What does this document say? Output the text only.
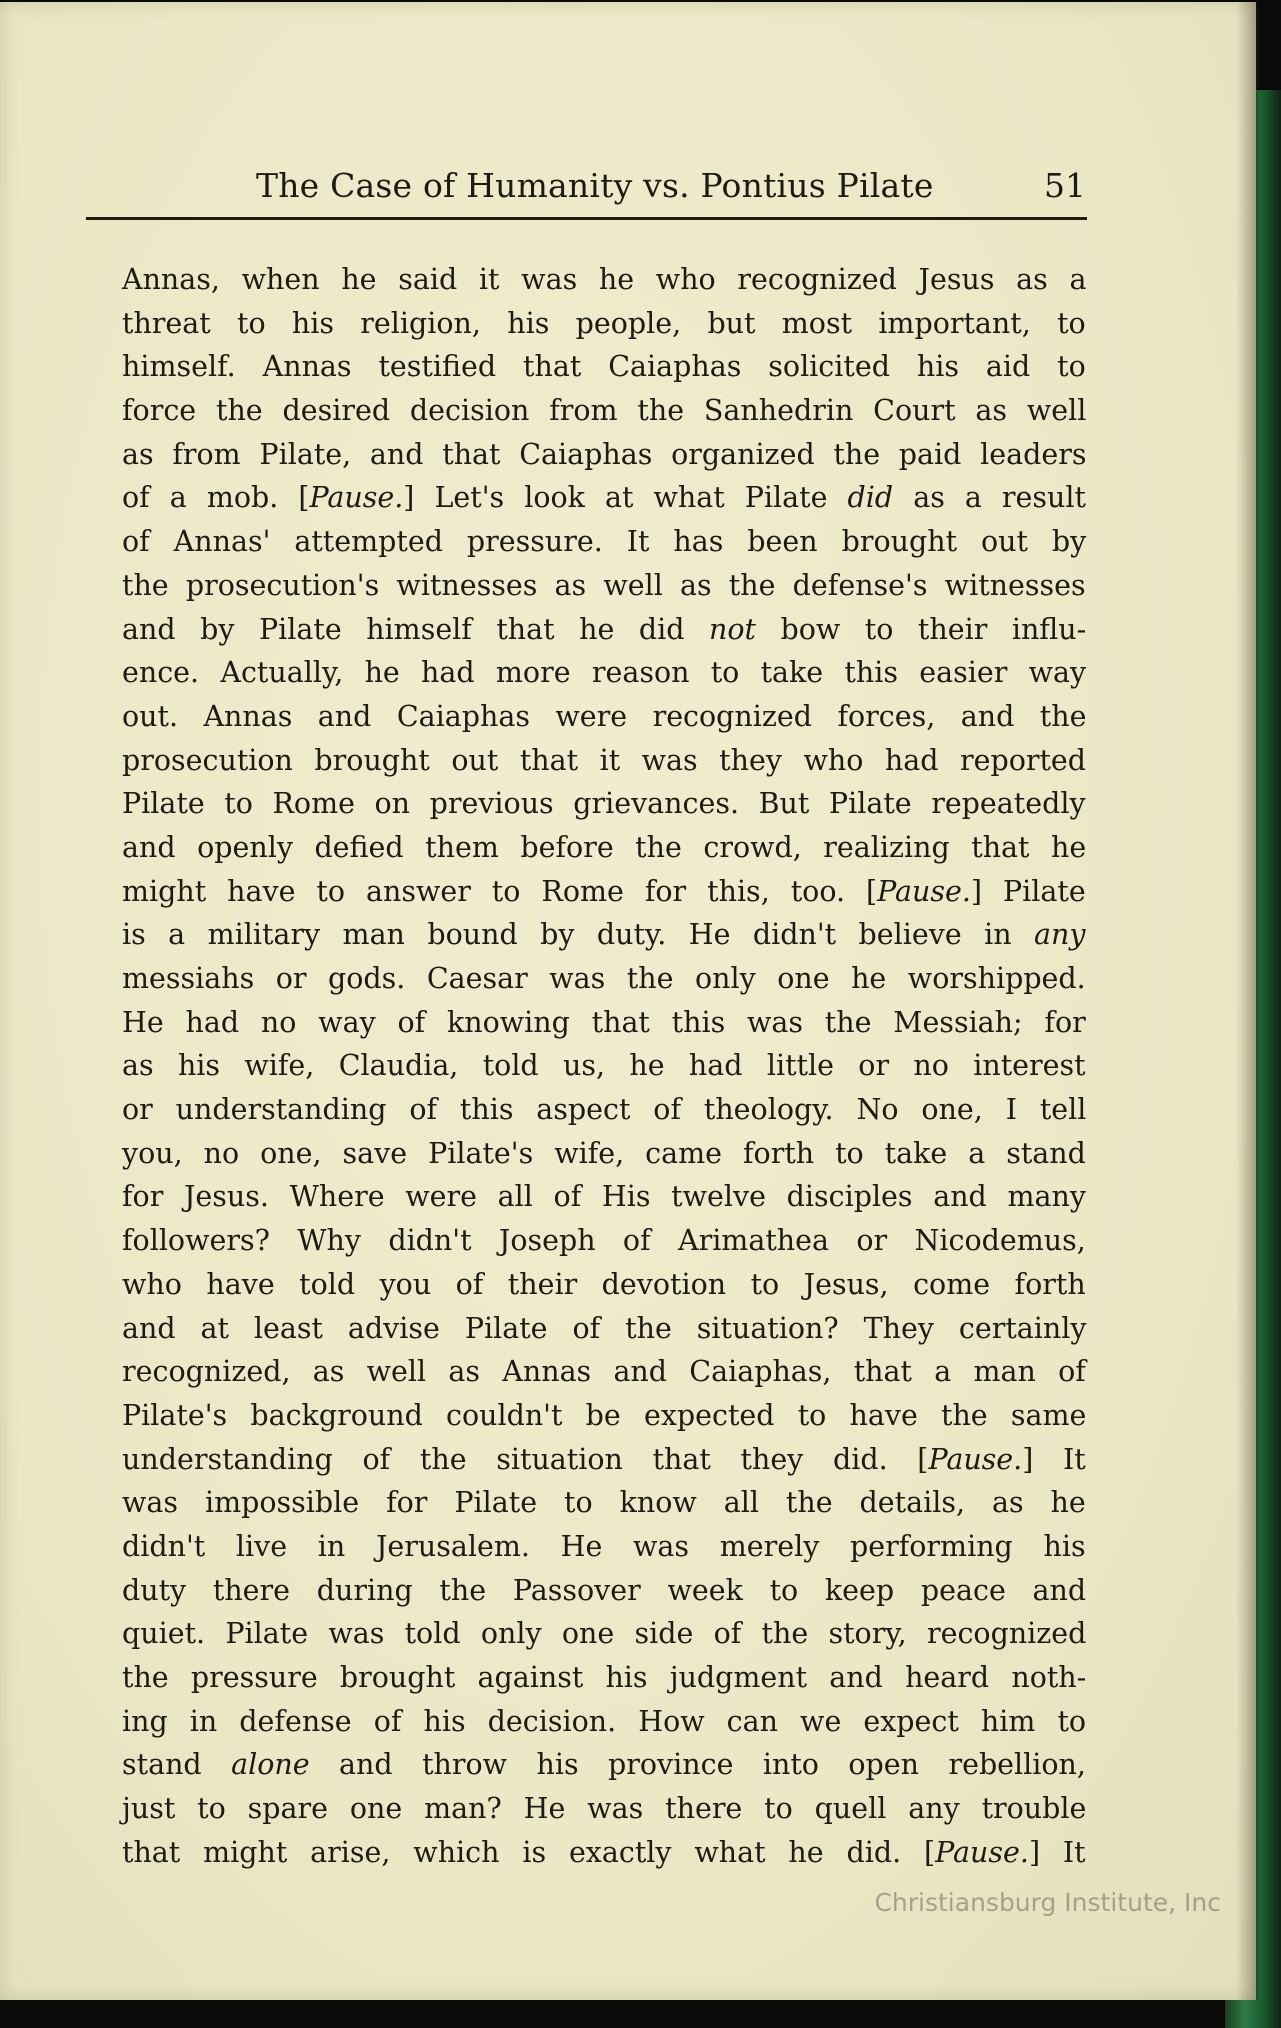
The Case of Humanity vs. Pontius Pilate	51
Annas, when he said it was he who recognized Jesus as a
threat to his religion, his people, but most important, to
himself. Annas testified that Caiaphas solicited his aid to
force the desired decision from the Sanhedrin Court as well
as from Pilate, and that Caiaphas organized the paid leaders
of a mob. [Pause.] Let's look at what Pilate did as a result
of Annas' attempted pressure. It has been brought out by
the prosecution's witnesses as well as the defense's witnesses
and by Pilate himself that he did not bow to their influ-
ence. Actually, he had more reason to take this easier way
out. Annas and Caiaphas were recognized forces, and the
prosecution brought out that it was they who had reported
Pilate to Rome on previous grievances. But Pilate repeatedly
and openly defied them before the crowd, realizing that he
might have to answer to Rome for this, too. [Pause.] Pilate
is a military man bound by duty. He didn't believe in any
messiahs or gods. Caesar was the only one he worshipped.
He had no way of knowing that this was the Messiah; for
as his wife, Claudia, told us, he had little or no interest
or understanding of this aspect of theology. No one, I tell
you, no one, save Pilate's wife, came forth to take a stand
for Jesus. Where were all of His twelve disciples and many
followers? Why didn't Joseph of Arimathea or Nicodemus,
who have told you of their devotion to Jesus, come forth
and at least advise Pilate of the situation? They certainly
recognized, as well as Annas and Caiaphas, that a man of
Pilate's background couldn't be expected to have the same
understanding of the situation that they did. [Pause.] It
was impossible for Pilate to know all the details, as he
didn't live in Jerusalem. He was merely performing his
duty there during the Passover week to keep peace and
quiet. Pilate was told only one side of the story, recognized
the pressure brought against his judgment and heard noth-
ing in defense of his decision. How can we expect him to
stand alone and throw his province into open rebellion,
just to spare one man? He was there to quell any trouble
that might arise, which is exactly what he did. [Pause.] It
Christiansburg Institute, Inc
